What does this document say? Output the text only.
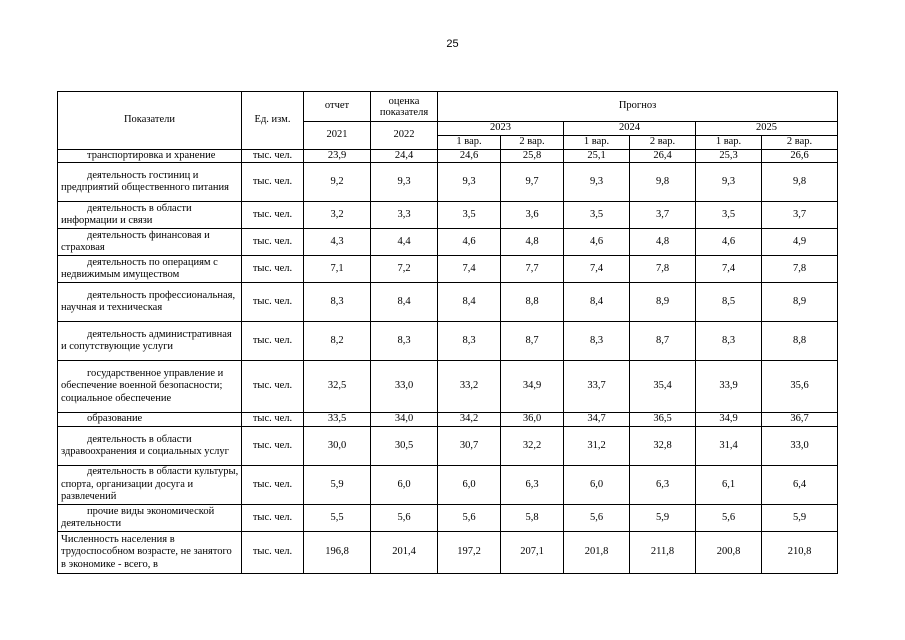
25
Показатели	Ед. изм.	отчет	оценка показателя	Прогноз					
		2021	2022	2023		2024		2025	
				1 вар.	2 вар.	1 вар.	2 вар.	1 вар.	2 вар.
транспортировка и хранение	тыс. чел.	23,9	24,4	24,6	25,8	25,1	26,4	25,3	26,6
деятельность гостиниц и предприятий общественного питания	тыс. чел.	9,2	9,3	9,3	9,7	9,3	9,8	9,3	9,8
деятельность в области информации и связи	тыс. чел.	3,2	3,3	3,5	3,6	3,5	3,7	3,5	3,7
деятельность финансовая и страховая	тыс. чел.	4,3	4,4	4,6	4,8	4,6	4,8	4,6	4,9
деятельность по операциям с недвижимым имуществом	тыс. чел.	7,1	7,2	7,4	7,7	7,4	7,8	7,4	7,8
деятельность профессиональная, научная и техническая	тыс. чел.	8,3	8,4	8,4	8,8	8,4	8,9	8,5	8,9
деятельность административная и сопутствующие услуги	тыс. чел.	8,2	8,3	8,3	8,7	8,3	8,7	8,3	8,8
государственное управление и обеспечение военной безопасности; социальное обеспечение	тыс. чел.	32,5	33,0	33,2	34,9	33,7	35,4	33,9	35,6
образование	тыс. чел.	33,5	34,0	34,2	36,0	34,7	36,5	34,9	36,7
деятельность в области здравоохранения и социальных услуг	тыс. чел.	30,0	30,5	30,7	32,2	31,2	32,8	31,4	33,0
деятельность в области культуры, спорта, организации досуга и развлечений	тыс. чел.	5,9	6,0	6,0	6,3	6,0	6,3	6,1	6,4
прочие виды экономической деятельности	тыс. чел.	5,5	5,6	5,6	5,8	5,6	5,9	5,6	5,9
Численность населения в трудоспособном возрасте, не занятого в экономике - всего, в	тыс. чел.	196,8	201,4	197,2	207,1	201,8	211,8	200,8	210,8
